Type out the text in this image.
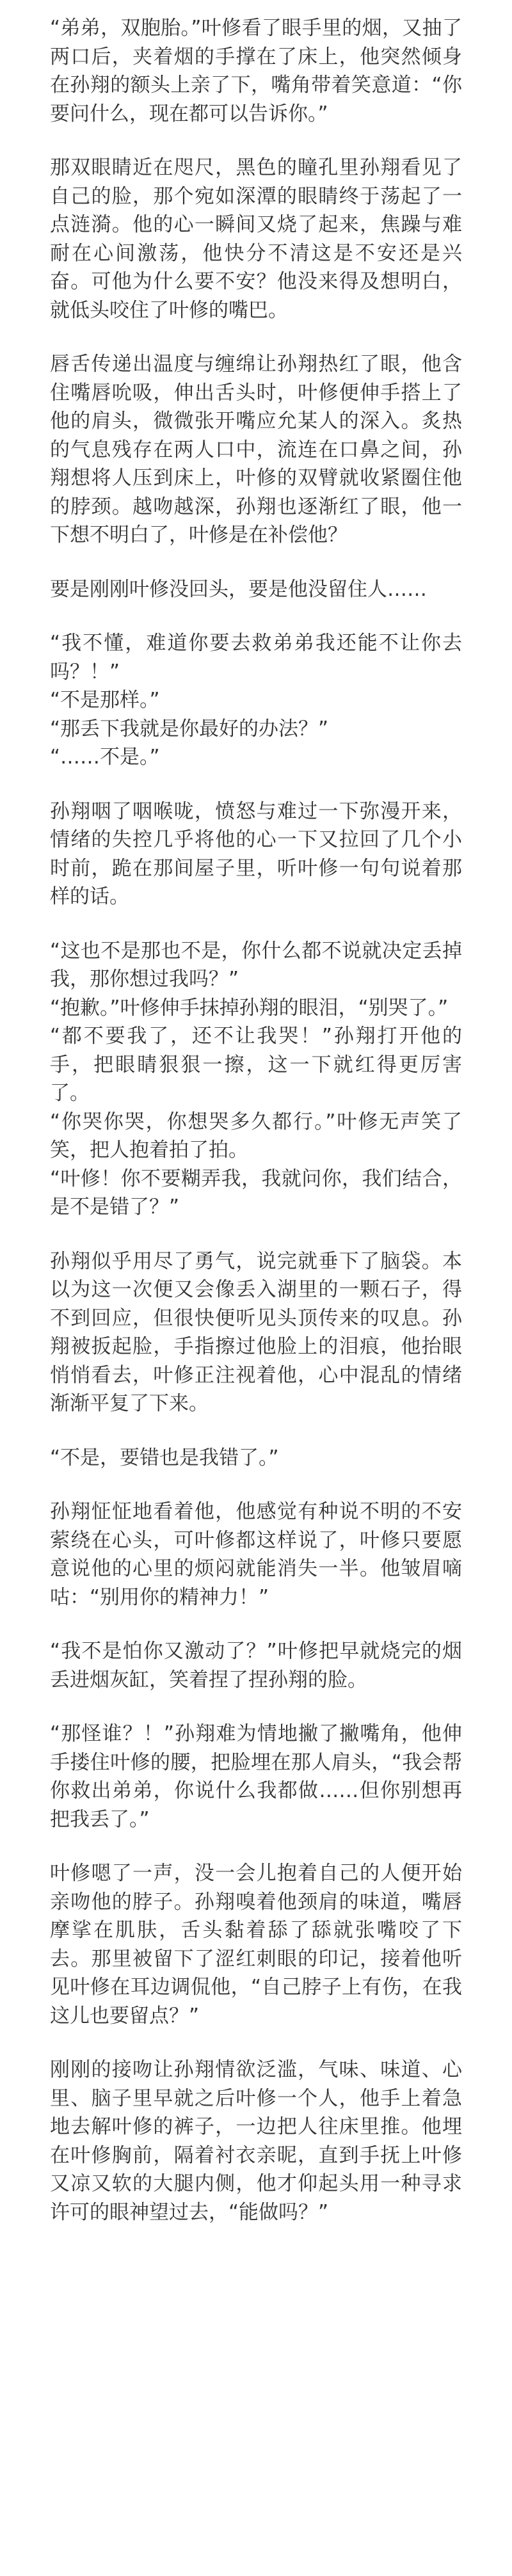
“弟弟，双胞胎。”叶修看了眼手里的烟，又抽了两口后，夹着烟的手撑在了床上，他突然倾身在孙翔的额头上亲了下，嘴角带着笑意道：“你要问什么，现在都可以告诉你。”

那双眼睛近在咫尺，黑色的瞳孔里孙翔看见了自己的脸，那个宛如深潭的眼睛终于荡起了一点涟漪。他的心一瞬间又烧了起来，焦躁与难耐在心间激荡，他快分不清这是不安还是兴奋。可他为什么要不安？他没来得及想明白，就低头咬住了叶修的嘴巴。

唇舌传递出温度与缠绵让孙翔热红了眼，他含住嘴唇吮吸，伸出舌头时，叶修便伸手搭上了他的肩头，微微张开嘴应允某人的深入。炙热的气息残存在两人口中，流连在口鼻之间，孙翔想将人压到床上，叶修的双臂就收紧圈住他的脖颈。越吻越深，孙翔也逐渐红了眼，他一下想不明白了，叶修是在补偿他？

要是刚刚叶修没回头，要是他没留住人……

“我不懂，难道你要去救弟弟我还能不让你去吗？！”
“不是那样。”
“那丢下我就是你最好的办法？”
“……不是。”

孙翔咽了咽喉咙，愤怒与难过一下弥漫开来，情绪的失控几乎将他的心一下又拉回了几个小时前，跪在那间屋子里，听叶修一句句说着那样的话。

“这也不是那也不是，你什么都不说就决定丢掉我，那你想过我吗？”
“抱歉。”叶修伸手抹掉孙翔的眼泪，“别哭了。”
“都不要我了，还不让我哭！”孙翔打开他的手，把眼睛狠狠一擦，这一下就红得更厉害了。
“你哭你哭，你想哭多久都行。”叶修无声笑了笑，把人抱着拍了拍。
“叶修！你不要糊弄我，我就问你，我们结合，是不是错了？”

孙翔似乎用尽了勇气，说完就垂下了脑袋。本以为这一次便又会像丢入湖里的一颗石子，得不到回应，但很快便听见头顶传来的叹息。孙翔被扳起脸，手指擦过他脸上的泪痕，他抬眼悄悄看去，叶修正注视着他，心中混乱的情绪渐渐平复了下来。

“不是，要错也是我错了。”

孙翔怔怔地看着他，他感觉有种说不明的不安萦绕在心头，可叶修都这样说了，叶修只要愿意说他的心里的烦闷就能消失一半。他皱眉嘀咕：“别用你的精神力！”

“我不是怕你又激动了？”叶修把早就烧完的烟丢进烟灰缸，笑着捏了捏孙翔的脸。

“那怪谁？！”孙翔难为情地撇了撇嘴角，他伸手搂住叶修的腰，把脸埋在那人肩头，“我会帮你救出弟弟，你说什么我都做……但你别想再把我丢了。”

叶修嗯了一声，没一会儿抱着自己的人便开始亲吻他的脖子。孙翔嗅着他颈肩的味道，嘴唇摩挲在肌肤，舌头黏着舔了舔就张嘴咬了下去。那里被留下了涩红刺眼的印记，接着他听见叶修在耳边调侃他，“自己脖子上有伤，在我这儿也要留点？”

刚刚的接吻让孙翔情欲泛滥，气味、味道、心里、脑子里早就之后叶修一个人，他手上着急地去解叶修的裤子，一边把人往床里推。他埋在叶修胸前，隔着衬衣亲昵，直到手抚上叶修又凉又软的大腿内侧，他才仰起头用一种寻求许可的眼神望过去，“能做吗？”
